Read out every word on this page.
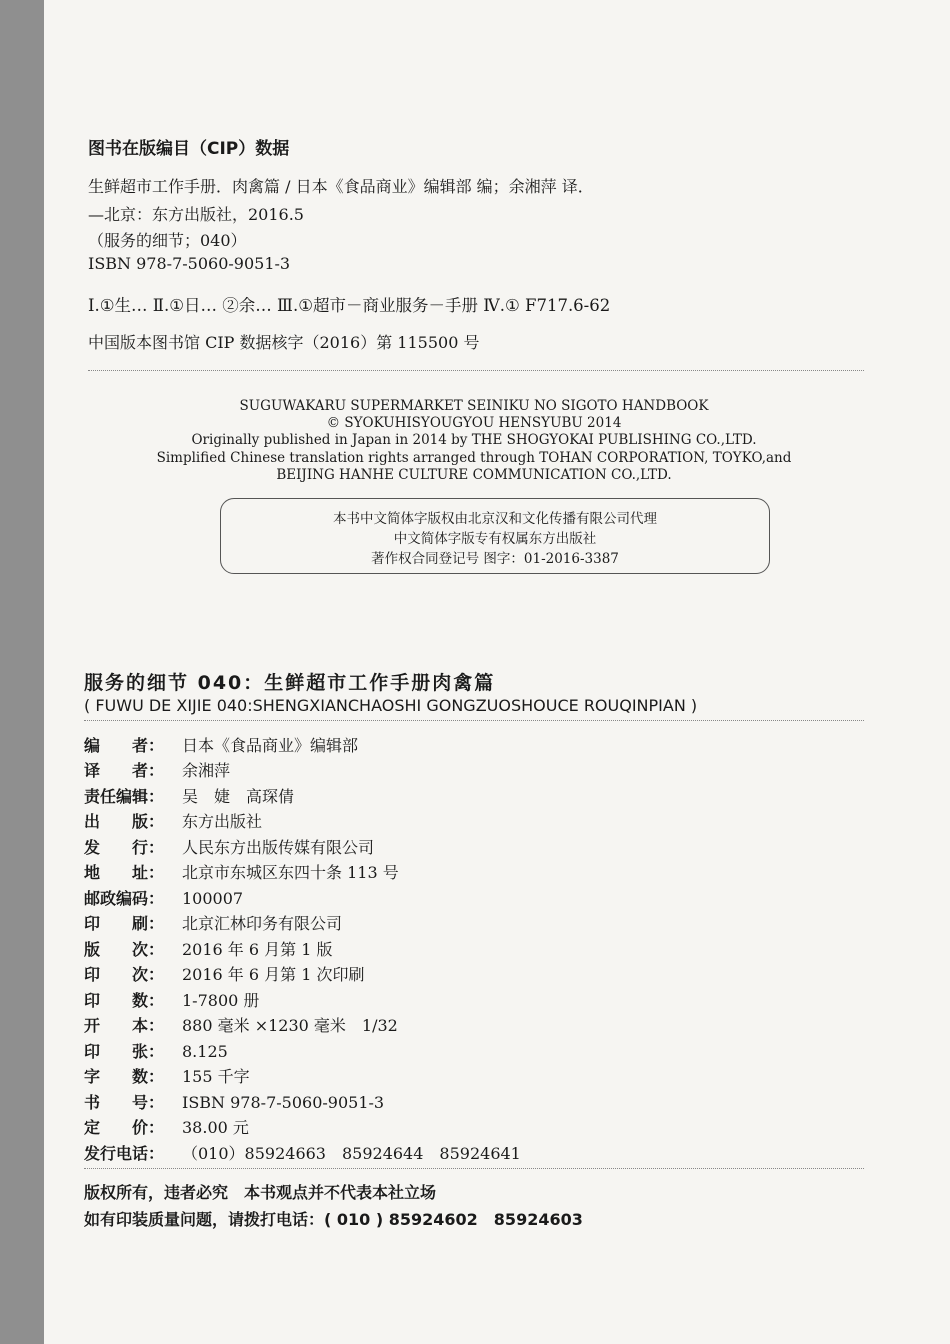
图书在版编目（CIP）数据
生鲜超市工作手册．肉禽篇 / 日本《食品商业》编辑部 编；余湘萍 译．
—北京：东方出版社，2016.5
（服务的细节；040）
ISBN 978-7-5060-9051-3
Ⅰ.①生… Ⅱ.①日… ②余… Ⅲ.①超市－商业服务－手册 Ⅳ.① F717.6-62
中国版本图书馆 CIP 数据核字（2016）第 115500 号
SUGUWAKARU SUPERMARKET SEINIKU NO SIGOTO HANDBOOK
© SYOKUHISYOUGYOU HENSYUBU 2014
Originally published in Japan in 2014 by THE SHOGYOKAI PUBLISHING CO.,LTD.
Simplified Chinese translation rights arranged through TOHAN CORPORATION, TOYKO,and
BEIJING HANHE CULTURE COMMUNICATION CO.,LTD.
本书中文简体字版权由北京汉和文化传播有限公司代理
中文简体字版专有权属东方出版社
著作权合同登记号 图字：01-2016-3387
服务的细节 040：生鲜超市工作手册肉禽篇
( FUWU DE XIJIE 040:SHENGXIANCHAOSHI GONGZUOSHOUCE ROUQINPIAN )
编　　者： 日本《食品商业》编辑部
译　　者： 余湘萍
责任编辑： 吴　婕　高琛倩
出　　版： 东方出版社
发　　行： 人民东方出版传媒有限公司
地　　址： 北京市东城区东四十条 113 号
邮政编码： 100007
印　　刷： 北京汇林印务有限公司
版　　次： 2016 年 6 月第 1 版
印　　次： 2016 年 6 月第 1 次印刷
印　　数： 1-7800 册
开　　本： 880 毫米 ×1230 毫米　1/32
印　　张： 8.125
字　　数： 155 千字
书　　号： ISBN 978-7-5060-9051-3
定　　价： 38.00 元
发行电话： （010）85924663　85924644　85924641
版权所有，违者必究　本书观点并不代表本社立场
如有印装质量问题，请拨打电话：( 010 ) 85924602　85924603
